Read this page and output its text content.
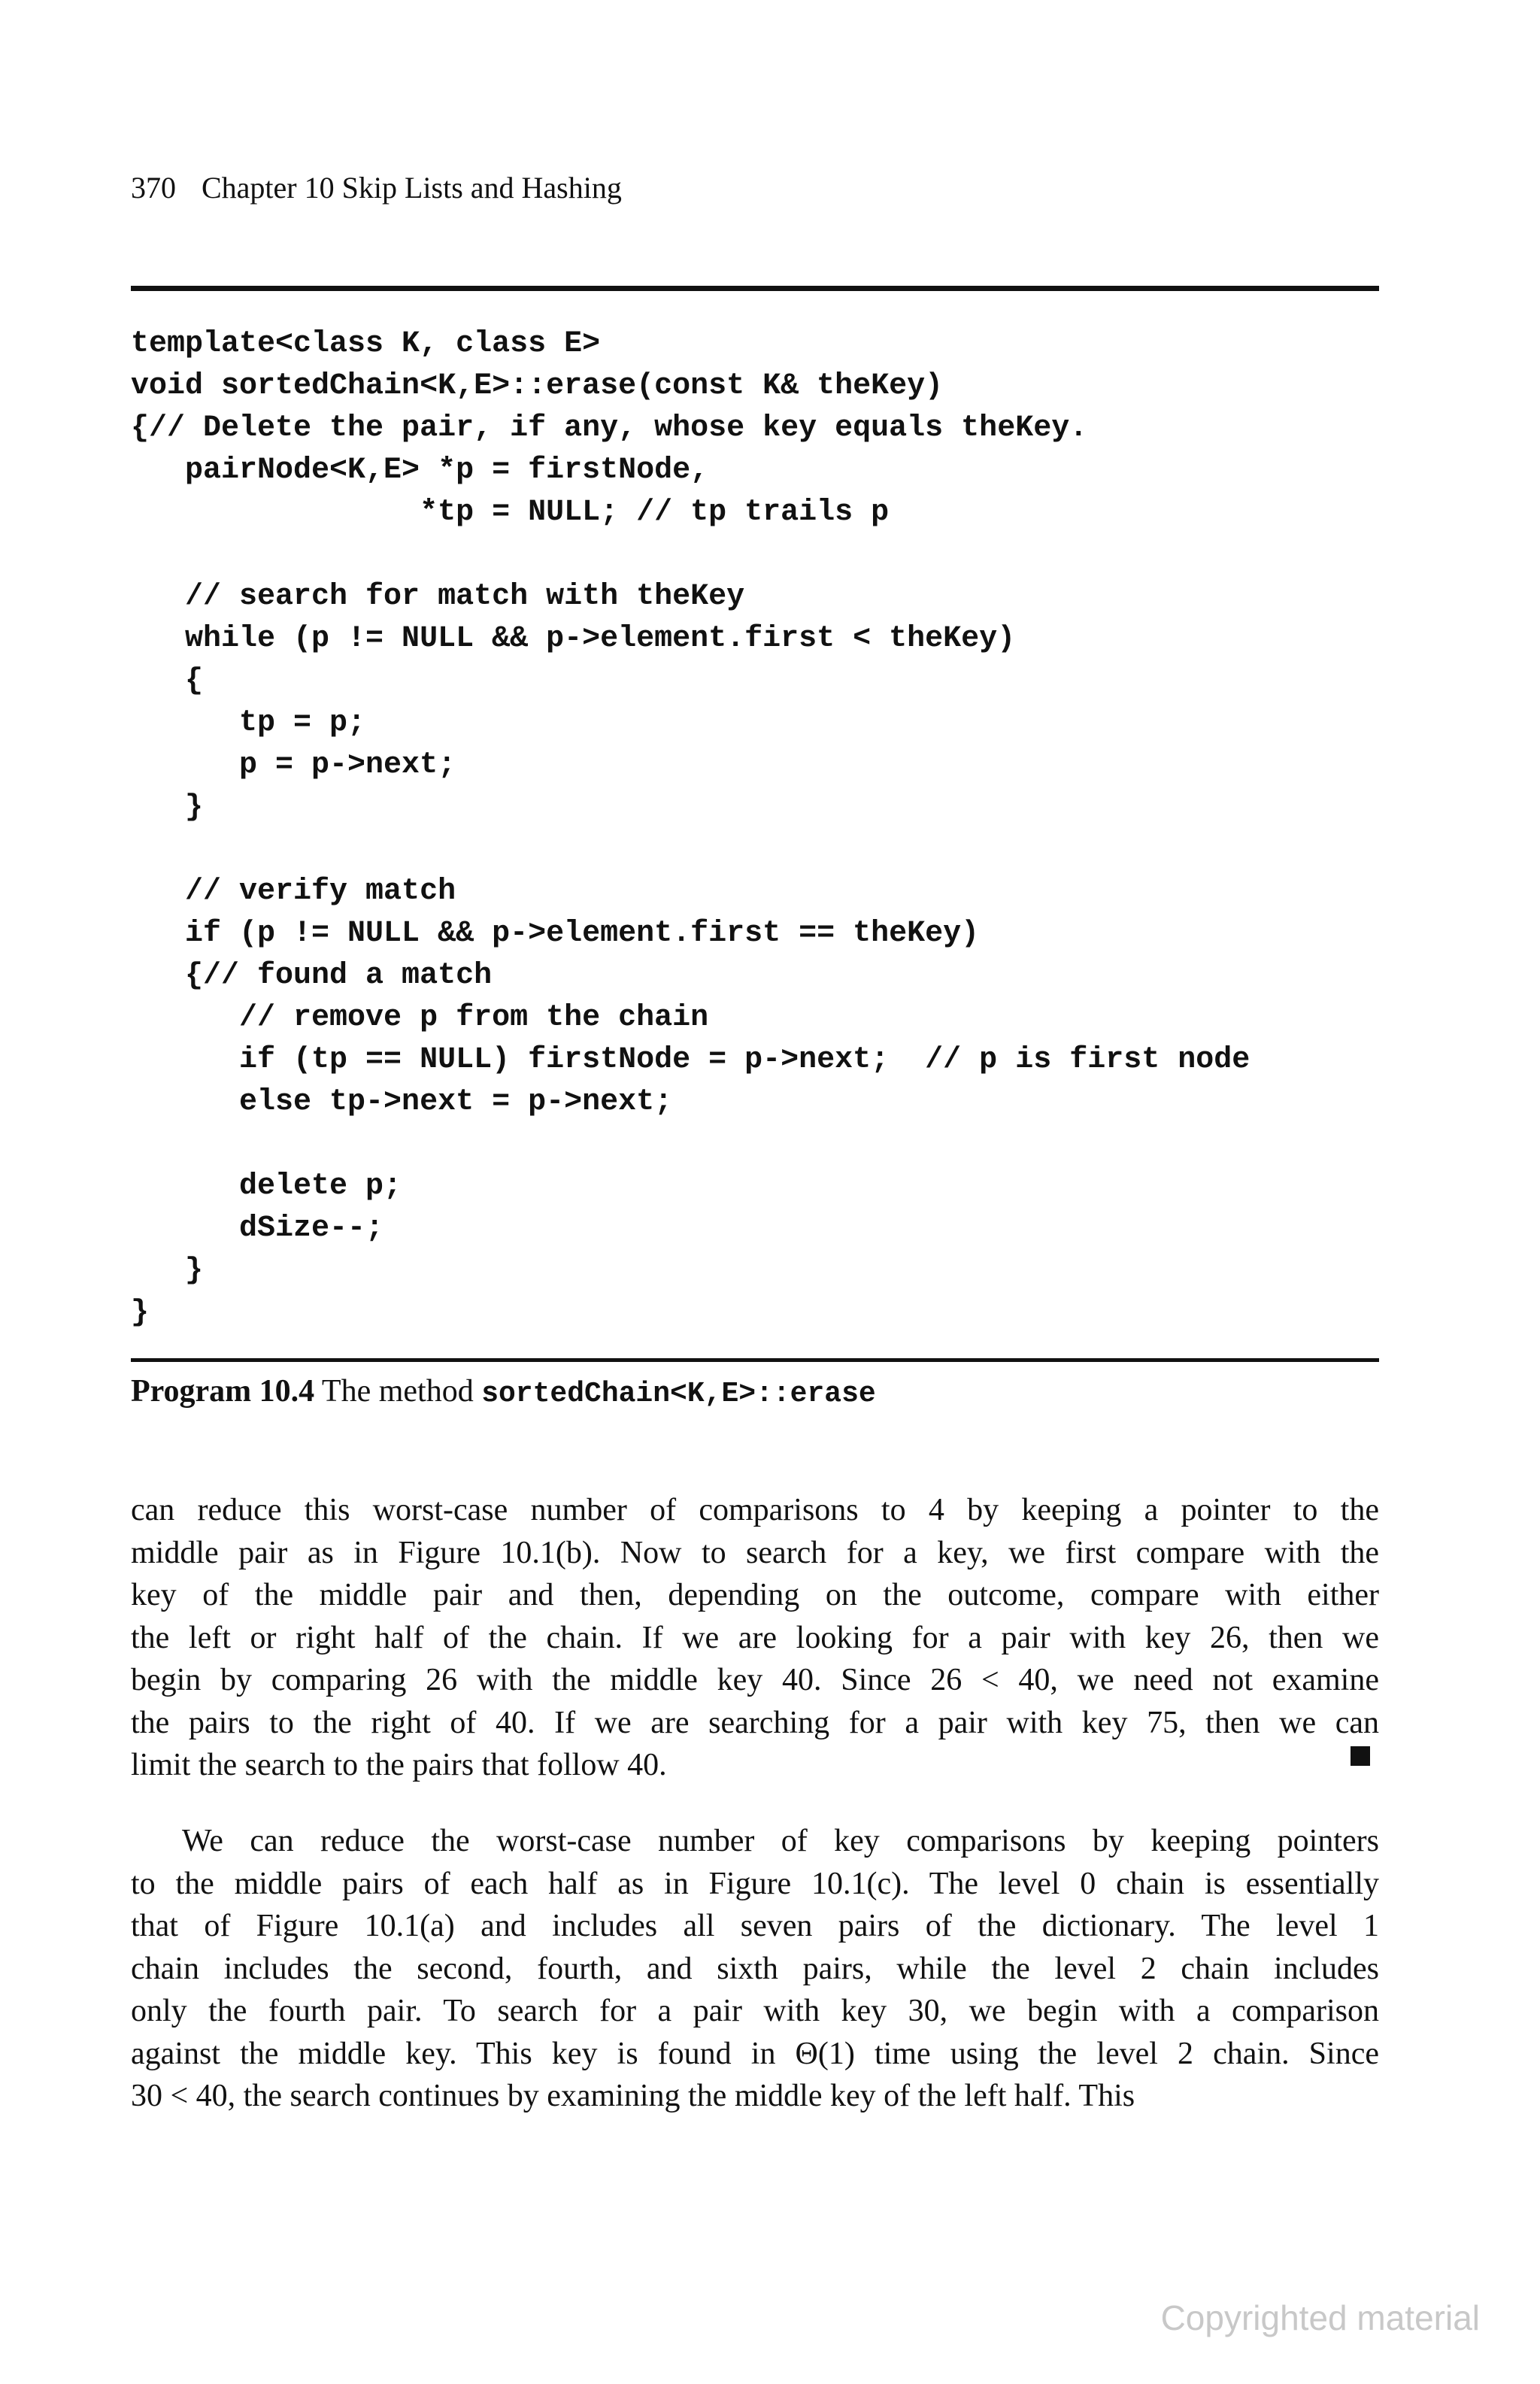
370 Chapter 10 Skip Lists and Hashing
template<class K, class E>
void sortedChain<K,E>::erase(const K& theKey)
{// Delete the pair, if any, whose key equals theKey.
pairNode<K,E> *p = firstNode,
*tp = NULL; // tp trails p
// search for match with theKey
while (p != NULL && p->element.first < theKey)
{
tp = p;
p = p->next;
}
// verify match
if (p != NULL && p->element.first == theKey)
{// found a match
// remove p from the chain
if (tp == NULL) firstNode = p->next;  // p is first node
else tp->next = p->next;
delete p;
dSize--;
}
}
Program 10.4 The method sortedChain<K,E>::erase
can reduce this worst-case number of comparisons to 4 by keeping a pointer to the
middle pair as in Figure 10.1(b). Now to search for a key, we first compare with the
key of the middle pair and then, depending on the outcome, compare with either
the left or right half of the chain. If we are looking for a pair with key 26, then we
begin by comparing 26 with the middle key 40. Since 26 < 40, we need not examine
the pairs to the right of 40. If we are searching for a pair with key 75, then we can
limit the search to the pairs that follow 40.
We can reduce the worst-case number of key comparisons by keeping pointers
to the middle pairs of each half as in Figure 10.1(c). The level 0 chain is essentially
that of Figure 10.1(a) and includes all seven pairs of the dictionary. The level 1
chain includes the second, fourth, and sixth pairs, while the level 2 chain includes
only the fourth pair. To search for a pair with key 30, we begin with a comparison
against the middle key. This key is found in Θ(1) time using the level 2 chain. Since
30 < 40, the search continues by examining the middle key of the left half. This
Copyrighted material
